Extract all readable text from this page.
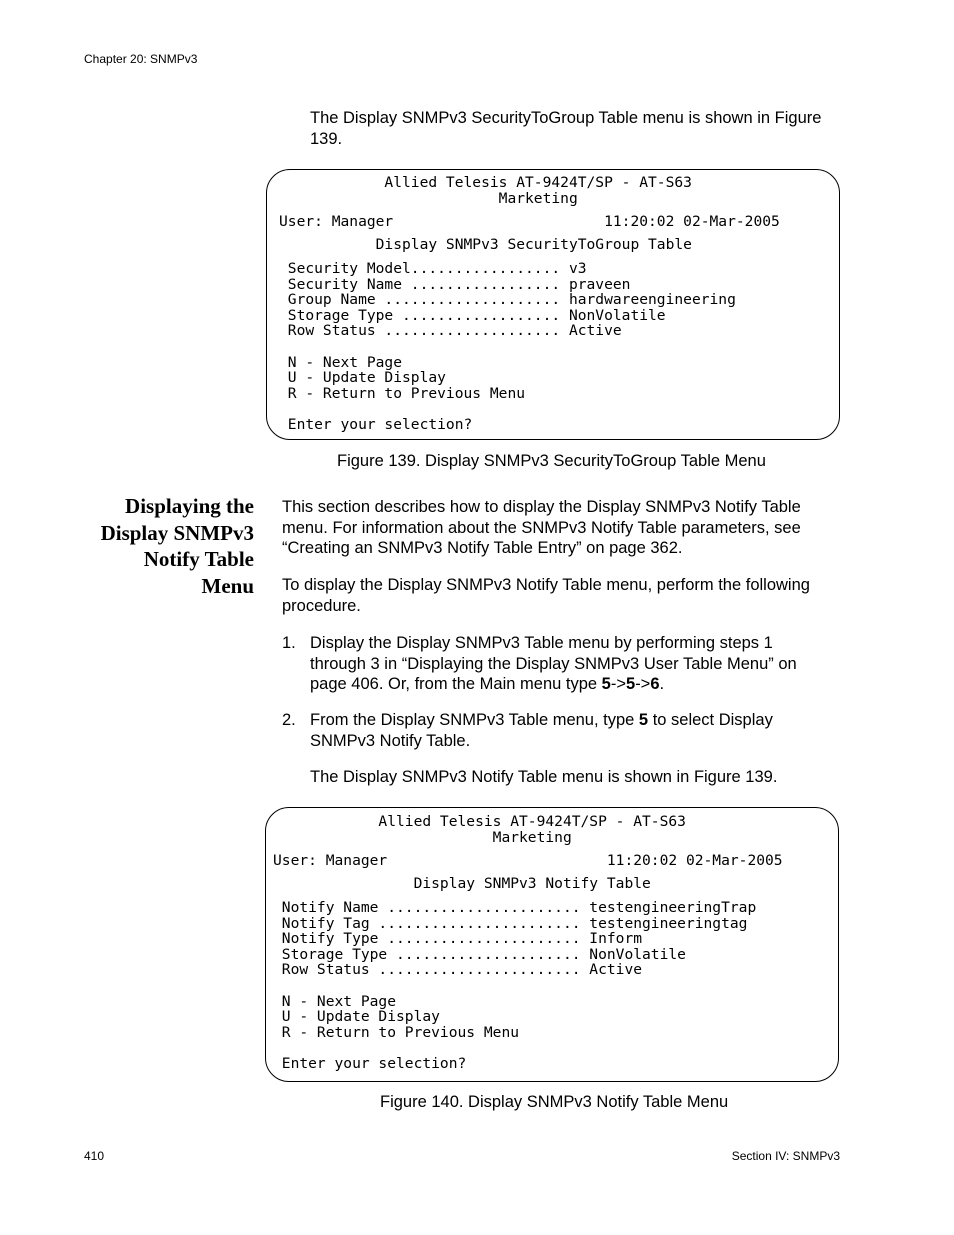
Chapter 20: SNMPv3
The Display SNMPv3 SecurityToGroup Table menu is shown in Figure 139.
Allied Telesis AT-9424T/SP - AT-S63
Marketing
User: Manager                        11:20:02 02-Mar-2005
Display SNMPv3 SecurityToGroup Table
Security Model................. v3
Security Name ................. praveen
Group Name .................... hardwareengineering
Storage Type .................. NonVolatile
Row Status .................... Active

N - Next Page
U - Update Display
R - Return to Previous Menu

Enter your selection?
Figure 139. Display SNMPv3 SecurityToGroup Table Menu
Displaying the
Display SNMPv3
Notify Table
Menu
This section describes how to display the Display SNMPv3 Notify Table menu. For information about the SNMPv3 Notify Table parameters, see “Creating an SNMPv3 Notify Table Entry” on page 362.
To display the Display SNMPv3 Notify Table menu, perform the following procedure.
1. Display the Display SNMPv3 Table menu by performing steps 1 through 3 in “Displaying the Display SNMPv3 User Table Menu” on page 406. Or, from the Main menu type 5->5->6.
2. From the Display SNMPv3 Table menu, type 5 to select Display SNMPv3 Notify Table.
The Display SNMPv3 Notify Table menu is shown in Figure 139.
Allied Telesis AT-9424T/SP - AT-S63
Marketing
User: Manager                         11:20:02 02-Mar-2005
Display SNMPv3 Notify Table
Notify Name ...................... testengineeringTrap
Notify Tag ....................... testengineeringtag
Notify Type ...................... Inform
Storage Type ..................... NonVolatile
Row Status ....................... Active

N - Next Page
U - Update Display
R - Return to Previous Menu

Enter your selection?
Figure 140. Display SNMPv3 Notify Table Menu
410	Section IV: SNMPv3
